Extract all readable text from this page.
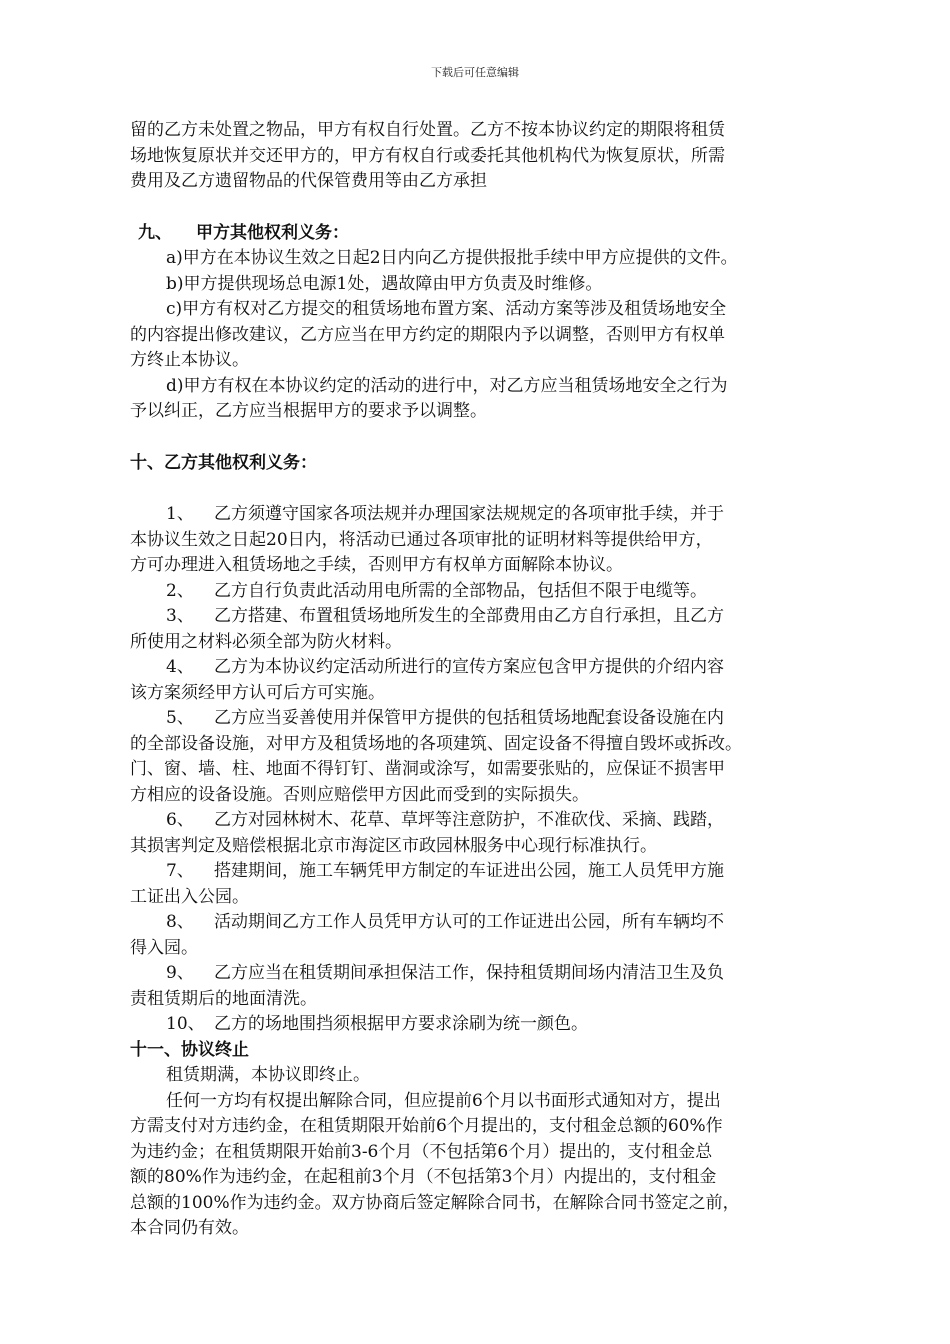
下载后可任意编辑

留的乙方未处置之物品，甲方有权自行处置。乙方不按本协议约定的期限将租赁

场地恢复原状并交还甲方的，甲方有权自行或委托其他机构代为恢复原状，所需

费用及乙方遗留物品的代保管费用等由乙方承担

九、 甲方其他权利义务：

a)甲方在本协议生效之日起2日内向乙方提供报批手续中甲方应提供的文件。

b)甲方提供现场总电源1处，遇故障由甲方负责及时维修。

c)甲方有权对乙方提交的租赁场地布置方案、活动方案等涉及租赁场地安全

的内容提出修改建议，乙方应当在甲方约定的期限内予以调整，否则甲方有权单

方终止本协议。

d)甲方有权在本协议约定的活动的进行中，对乙方应当租赁场地安全之行为

予以纠正，乙方应当根据甲方的要求予以调整。

十、乙方其他权利义务：

1、 乙方须遵守国家各项法规并办理国家法规规定的各项审批手续，并于

本协议生效之日起20日内，将活动已通过各项审批的证明材料等提供给甲方，

方可办理进入租赁场地之手续，否则甲方有权单方面解除本协议。

2、 乙方自行负责此活动用电所需的全部物品，包括但不限于电缆等。

3、 乙方搭建、布置租赁场地所发生的全部费用由乙方自行承担，且乙方

所使用之材料必须全部为防火材料。

4、 乙方为本协议约定活动所进行的宣传方案应包含甲方提供的介绍内容

该方案须经甲方认可后方可实施。

5、 乙方应当妥善使用并保管甲方提供的包括租赁场地配套设备设施在内

的全部设备设施，对甲方及租赁场地的各项建筑、固定设备不得擅自毁坏或拆改。

门、窗、墙、柱、地面不得钉钉、凿洞或涂写，如需要张贴的，应保证不损害甲

方相应的设备设施。否则应赔偿甲方因此而受到的实际损失。

6、 乙方对园林树木、花草、草坪等注意防护，不准砍伐、采摘、践踏，

其损害判定及赔偿根据北京市海淀区市政园林服务中心现行标准执行。

7、 搭建期间，施工车辆凭甲方制定的车证进出公园，施工人员凭甲方施

工证出入公园。

8、 活动期间乙方工作人员凭甲方认可的工作证进出公园，所有车辆均不

得入园。

9、 乙方应当在租赁期间承担保洁工作，保持租赁期间场内清洁卫生及负

责租赁期后的地面清洗。

10、 乙方的场地围挡须根据甲方要求涂刷为统一颜色。

十一、协议终止

租赁期满，本协议即终止。

任何一方均有权提出解除合同，但应提前6个月以书面形式通知对方，提出

方需支付对方违约金，在租赁期限开始前6个月提出的，支付租金总额的60%作

为违约金；在租赁期限开始前3-6个月（不包括第6个月）提出的，支付租金总

额的80%作为违约金，在起租前3个月（不包括第3个月）内提出的，支付租金

总额的100%作为违约金。双方协商后签定解除合同书，在解除合同书签定之前，

本合同仍有效。
